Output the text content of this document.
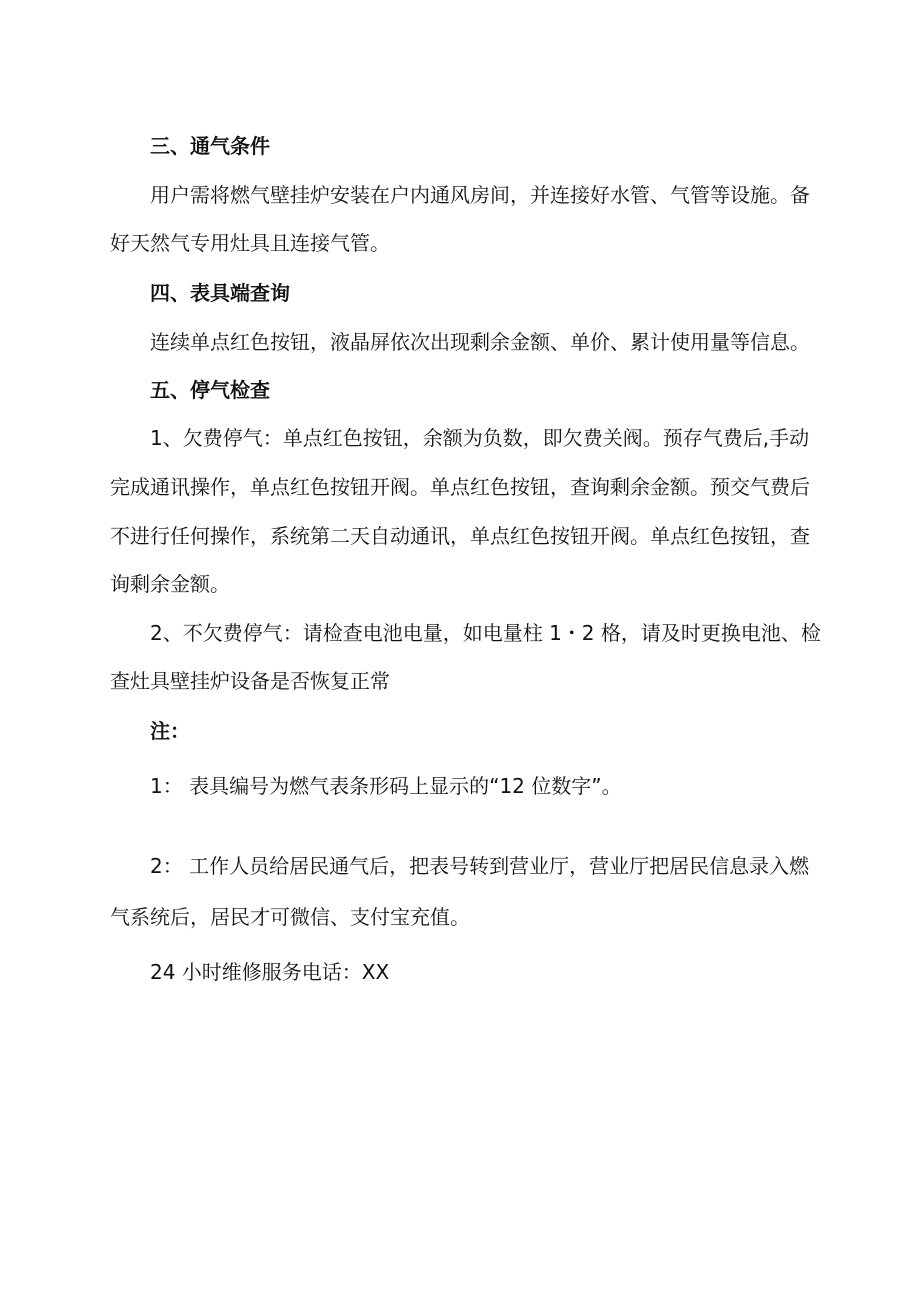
三、通气条件
用户需将燃气壁挂炉安装在户内通风房间，并连接好水管、气管等设施。备
好天然气专用灶具且连接气管。
四、表具端查询
连续单点红色按钮，液晶屏依次出现剩余金额、单价、累计使用量等信息。
五、停气检查
1、欠费停气：单点红色按钮，余额为负数，即欠费关阀。预存气费后,手动
完成通讯操作，单点红色按钮开阀。单点红色按钮，查询剩余金额。预交气费后
不进行任何操作，系统第二天自动通讯，单点红色按钮开阀。单点红色按钮，查
询剩余金额。
2、不欠费停气：请检查电池电量，如电量柱 1・2 格，请及时更换电池、检
查灶具壁挂炉设备是否恢复正常
注：
1： 表具编号为燃气表条形码上显示的“12 位数字”。
2： 工作人员给居民通气后，把表号转到营业厅，营业厅把居民信息录入燃
气系统后，居民才可微信、支付宝充值。
24 小时维修服务电话：XX
